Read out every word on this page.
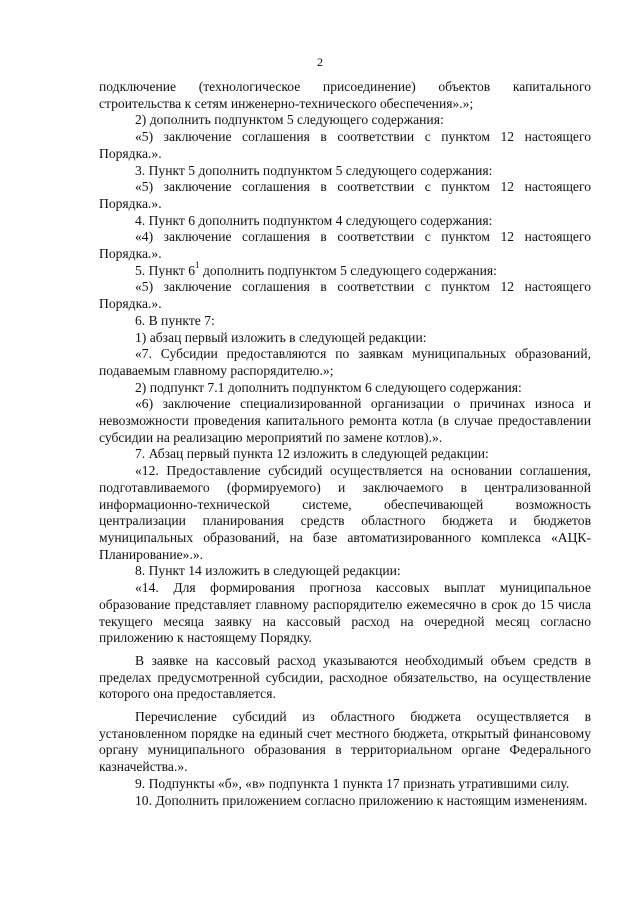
2

подключение (технологическое присоединение) объектов капитального строительства к сетям инженерно-технического обеспечения».»;

2) дополнить подпунктом 5 следующего содержания:

«5) заключение соглашения в соответствии с пунктом 12 настоящего Порядка.».

3. Пункт 5 дополнить подпунктом 5 следующего содержания:

«5) заключение соглашения в соответствии с пунктом 12 настоящего Порядка.».

4. Пункт 6 дополнить подпунктом 4 следующего содержания:

«4) заключение соглашения в соответствии с пунктом 12 настоящего Порядка.».

5. Пункт $6^1$ дополнить подпунктом 5 следующего содержания:

«5) заключение соглашения в соответствии с пунктом 12 настоящего Порядка.».

6. В пункте 7:

1) абзац первый изложить в следующей редакции:

«7. Субсидии предоставляются по заявкам муниципальных образований, подаваемым главному распорядителю.»;

2) подпункт 7.1 дополнить подпунктом 6 следующего содержания:

«6) заключение специализированной организации о причинах износа и невозможности проведения капитального ремонта котла (в случае предоставлении субсидии на реализацию мероприятий по замене котлов).».

7. Абзац первый пункта 12 изложить в следующей редакции:

«12. Предоставление субсидий осуществляется на основании соглашения, подготавливаемого (формируемого) и заключаемого в централизованной информационно-технической системе, обеспечивающей возможность централизации планирования средств областного бюджета и бюджетов муниципальных образований, на базе автоматизированного комплекса «АЦК-Планирование».».

8. Пункт 14 изложить в следующей редакции:

«14. Для формирования прогноза кассовых выплат муниципальное образование представляет главному распорядителю ежемесячно в срок до 15 числа текущего месяца заявку на кассовый расход на очередной месяц согласно приложению к настоящему Порядку.

В заявке на кассовый расход указываются необходимый объем средств в пределах предусмотренной субсидии, расходное обязательство, на осуществление которого она предоставляется.

Перечисление субсидий из областного бюджета осуществляется в установленном порядке на единый счет местного бюджета, открытый финансовому органу муниципального образования в территориальном органе Федерального казначейства.».

9. Подпункты «б», «в» подпункта 1 пункта 17 признать утратившими силу.

10. Дополнить приложением согласно приложению к настоящим изменениям.
